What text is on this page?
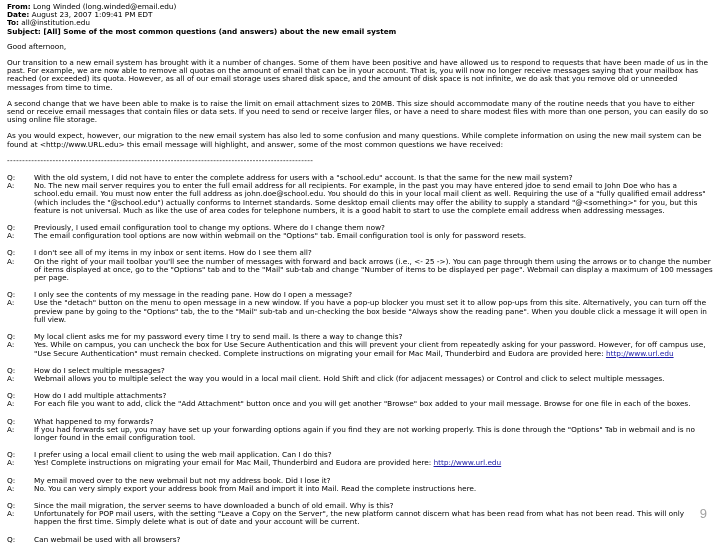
From: Long Winded (long.winded@email.edu)
Date: August 23, 2007 1:09:41 PM EDT
To: all@institution.edu
Subject: [All] Some of the most common questions (and answers) about the new email system
Good afternoon,
Our transition to a new email system has brought with it a number of changes. Some of them have been positive and have allowed us to respond to requests that have been made of us in the past. For example, we are now able to remove all quotas on the amount of email that can be in your account. That is, you will now no longer receive messages saying that your mailbox has reached (or exceeded) its quota. However, as all of our email storage uses shared disk space, and the amount of disk space is not infinite, we do ask that you remove old or unneeded messages from time to time.
A second change that we have been able to make is to raise the limit on email attachment sizes to 20MB. This size should accommodate many of the routine needs that you have to either send or receive email messages that contain files or data sets. If you need to send or receive larger files, or have a need to share modest files with more than one person, you can easily do so using online file storage.
As you would expect, however, our migration to the new email system has also led to some confusion and many questions. While complete information on using the new mail system can be found at <http://www.URL.edu> this email message will highlight, and answer, some of the most common questions we have received:
-----------------------------------------------------------------------------------------------------
Q:	With the old system, I did not have to enter the complete address for users with a "school.edu" account. Is that the same for the new mail system?
A:	No. The new mail server requires you to enter the full email address for all recipients. For example, in the past you may have entered jdoe to send email to John Doe who has a school.edu email. You must now enter the full address as john.doe@school.edu. You should do this in your local mail client as well. Requiring the use of a "fully qualified email address" (which includes the "@school.edu") actually conforms to Internet standards. Some desktop email clients may offer the ability to supply a standard "@<something>" for you, but this feature is not universal. Much as like the use of area codes for telephone numbers, it is a good habit to start to use the complete email address when addressing messages.
Q:	Previously, I used email configuration tool to change my options. Where do I change them now?
A:	The email configuration tool options are now within webmail on the "Options" tab. Email configuration tool is only for password resets.
Q:	I don't see all of my items in my inbox or sent items. How do I see them all?
A:	On the right of your mail toolbar you'll see the number of messages with forward and back arrows (i.e., <- 25 ->). You can page through them using the arrows or to change the number of items displayed at once, go to the "Options" tab and to the "Mail" sub-tab and change "Number of items to be displayed per page". Webmail can display a maximum of 100 messages per page.
Q:	I only see the contents of my message in the reading pane. How do I open a message?
A:	Use the "detach" button on the menu to open message in a new window. If you have a pop-up blocker you must set it to allow pop-ups from this site. Alternatively, you can turn off the preview pane by going to the "Options" tab, the to the "Mail" sub-tab and un-checking the box beside "Always show the reading pane". When you double click a message it will open in full view.
Q:	My local client asks me for my password every time I try to send mail. Is there a way to change this?
A:	Yes. While on campus, you can uncheck the box for Use Secure Authentication and this will prevent your client from repeatedly asking for your password. However, for off campus use, "Use Secure Authentication" must remain checked. Complete instructions on migrating your email for Mac Mail, Thunderbird and Eudora are provided here: http://www.url.edu
Q:	How do I select multiple messages?
A:	Webmail allows you to multiple select the way you would in a local mail client. Hold Shift and click (for adjacent messages) or Control and click to select multiple messages.
Q:	How do I add multiple attachments?
A:	For each file you want to add, click the "Add Attachment" button once and you will get another "Browse" box added to your mail message. Browse for one file in each of the boxes.
Q:	What happened to my forwards?
A:	If you had forwards set up, you may have set up your forwarding options again if you find they are not working properly. This is done through the "Options" Tab in webmail and is no longer found in the email configuration tool.
Q:	I prefer using a local email client to using the web mail application. Can I do this?
A:	Yes! Complete instructions on migrating your email for Mac Mail, Thunderbird and Eudora are provided here: http://www.url.edu
Q:	My email moved over to the new webmail but not my address book. Did I lose it?
A:	No. You can very simply export your address book from Mail and import it into Mail. Read the complete instructions here.
Q:	Since the mail migration, the server seems to have downloaded a bunch of old email. Why is this?
A:	Unfortunately for POP mail users, with the setting "Leave a Copy on the Server", the new platform cannot discern what has been read from what has not been read. This will only happen the first time. Simply delete what is out of date and your account will be current.
Q:	Can webmail be used with all browsers?
9
